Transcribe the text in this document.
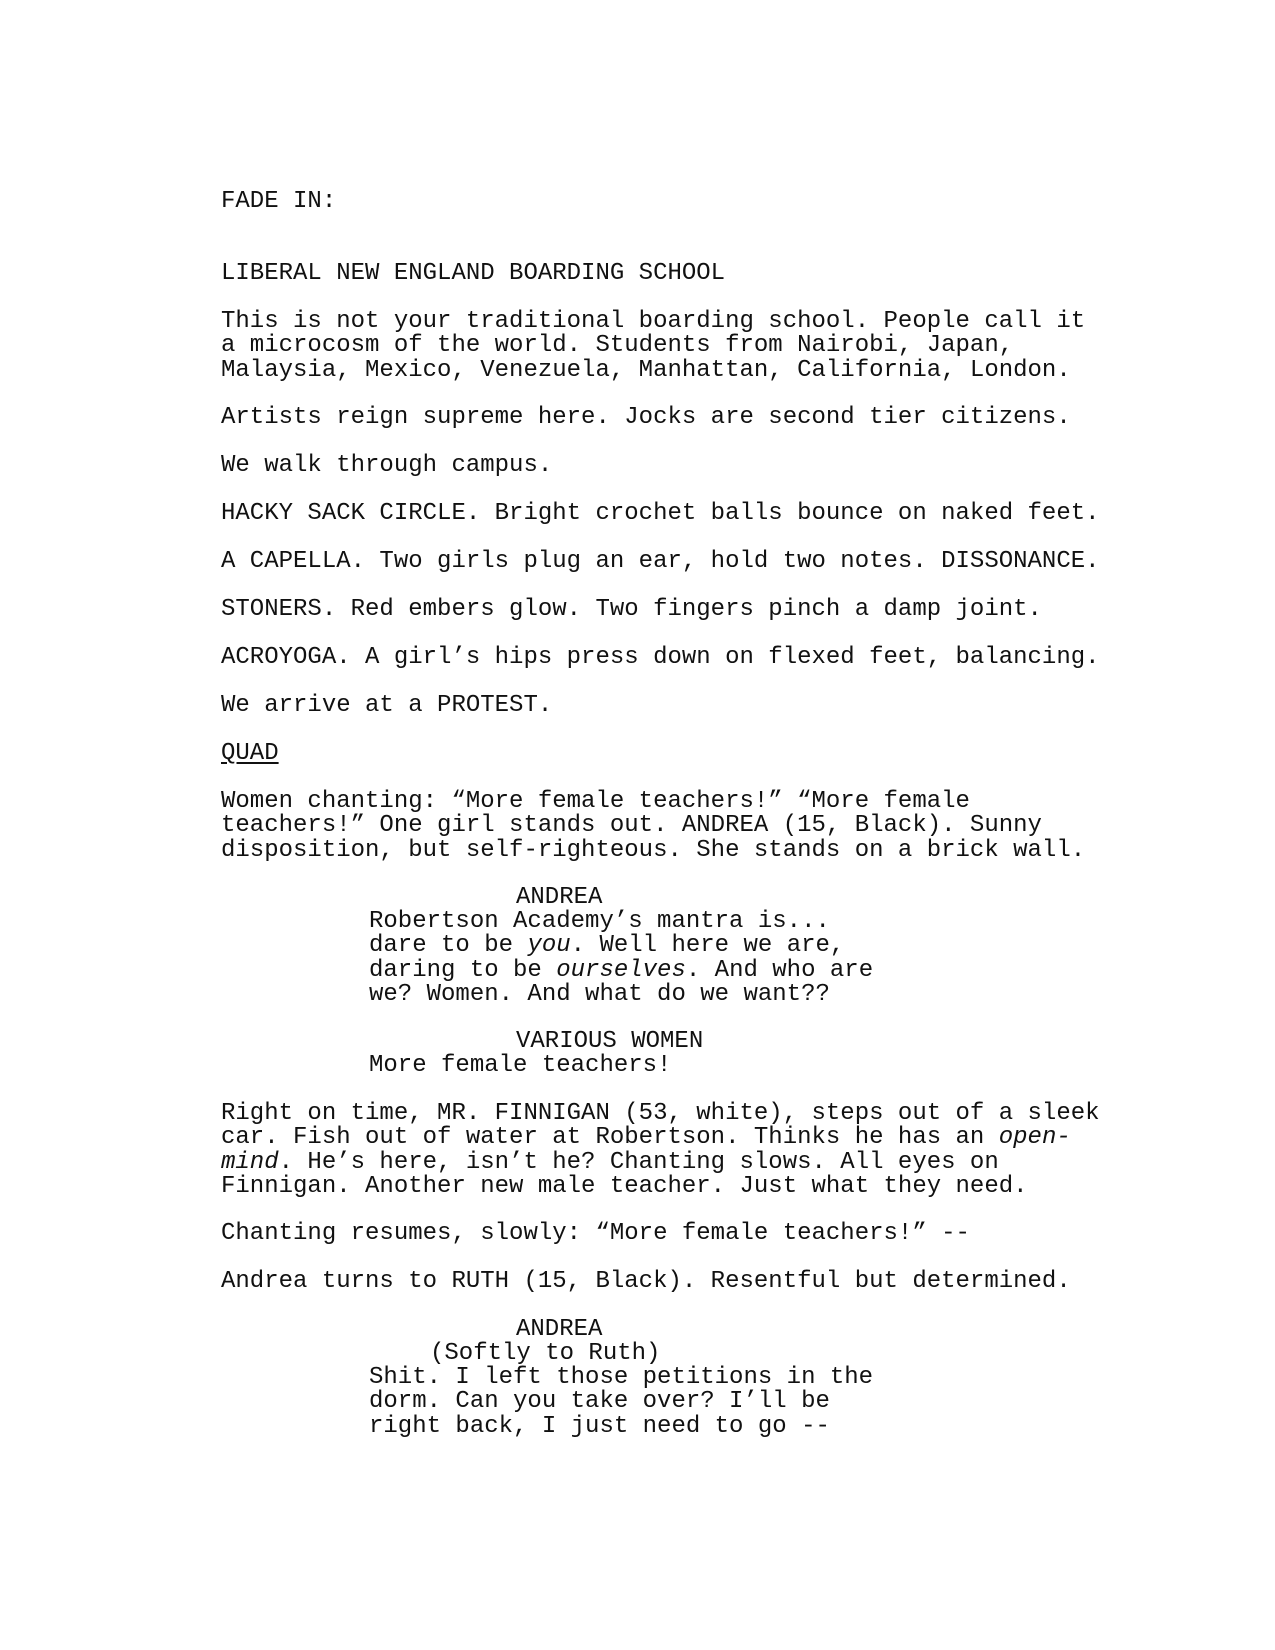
FADE IN:
LIBERAL NEW ENGLAND BOARDING SCHOOL
This is not your traditional boarding school. People call it
a microcosm of the world. Students from Nairobi, Japan,
Malaysia, Mexico, Venezuela, Manhattan, California, London.
Artists reign supreme here. Jocks are second tier citizens.
We walk through campus.
HACKY SACK CIRCLE. Bright crochet balls bounce on naked feet.
A CAPELLA. Two girls plug an ear, hold two notes. DISSONANCE.
STONERS. Red embers glow. Two fingers pinch a damp joint.
ACROYOGA. A girl’s hips press down on flexed feet, balancing.
We arrive at a PROTEST.
QUAD
Women chanting: “More female teachers!” “More female
teachers!” One girl stands out. ANDREA (15, Black). Sunny
disposition, but self-righteous. She stands on a brick wall.
ANDREA
Robertson Academy’s mantra is...
dare to be you. Well here we are,
daring to be ourselves. And who are
we? Women. And what do we want??
VARIOUS WOMEN
More female teachers!
Right on time, MR. FINNIGAN (53, white), steps out of a sleek
car. Fish out of water at Robertson. Thinks he has an open-
mind. He’s here, isn’t he? Chanting slows. All eyes on
Finnigan. Another new male teacher. Just what they need.
Chanting resumes, slowly: “More female teachers!” --
Andrea turns to RUTH (15, Black). Resentful but determined.
ANDREA
(Softly to Ruth)
Shit. I left those petitions in the
dorm. Can you take over? I’ll be
right back, I just need to go --
